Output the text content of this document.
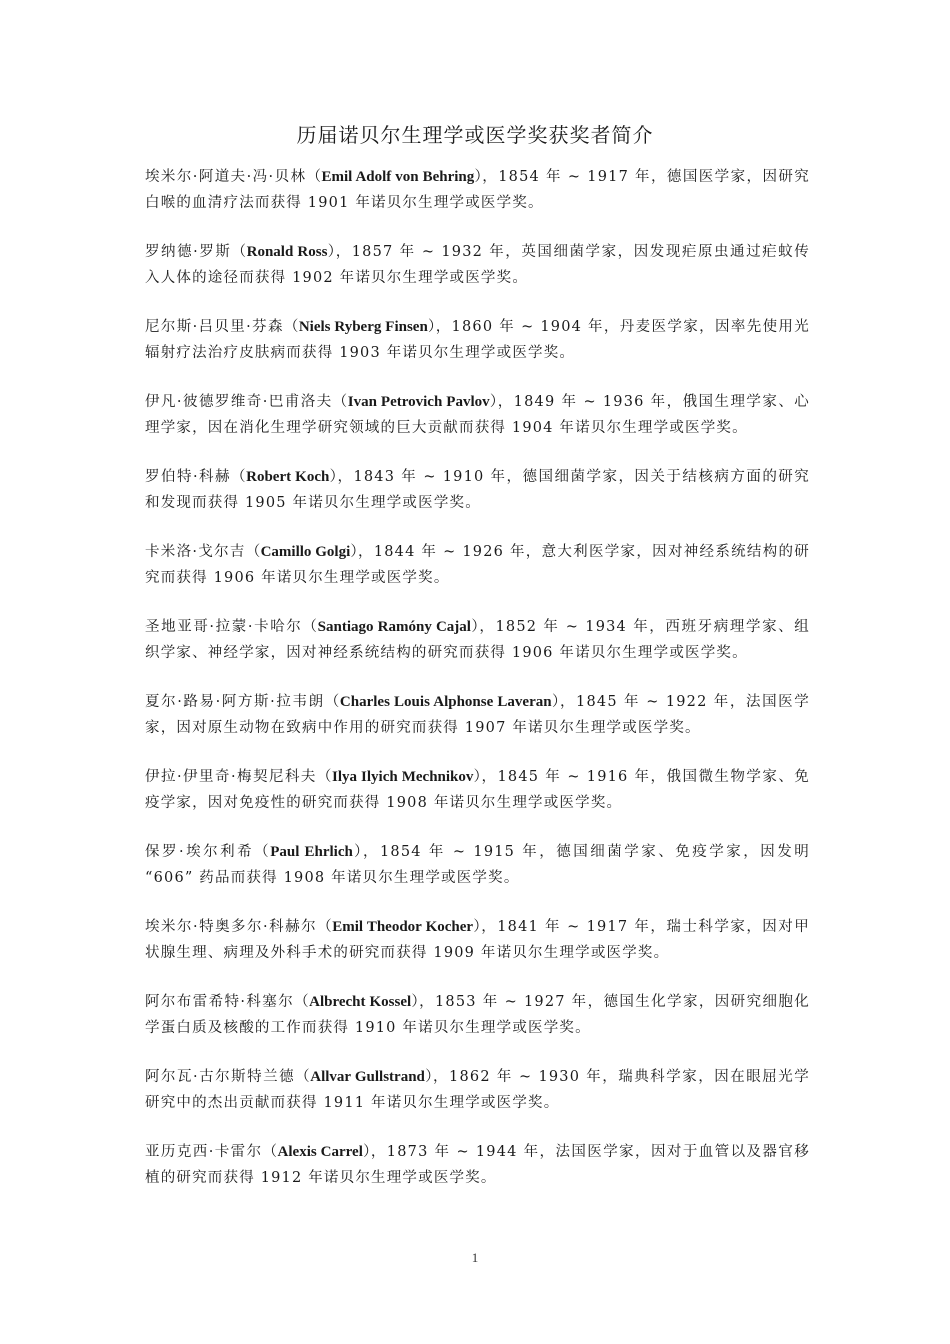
历届诺贝尔生理学或医学奖获奖者简介

埃米尔·阿道夫·冯·贝林（Emil Adolf von Behring），1854 年 ~ 1917 年，德国医学家，因研究白喉的血清疗法而获得 1901 年诺贝尔生理学或医学奖。

罗纳德·罗斯（Ronald Ross），1857 年 ~ 1932 年，英国细菌学家，因发现疟原虫通过疟蚊传入人体的途径而获得 1902 年诺贝尔生理学或医学奖。

尼尔斯·吕贝里·芬森（Niels Ryberg Finsen），1860 年 ~ 1904 年，丹麦医学家，因率先使用光辐射疗法治疗皮肤病而获得 1903 年诺贝尔生理学或医学奖。

伊凡·彼德罗维奇·巴甫洛夫（Ivan Petrovich Pavlov），1849 年 ~ 1936 年，俄国生理学家、心理学家，因在消化生理学研究领域的巨大贡献而获得 1904 年诺贝尔生理学或医学奖。

罗伯特·科赫（Robert Koch），1843 年 ~ 1910 年，德国细菌学家，因关于结核病方面的研究和发现而获得 1905 年诺贝尔生理学或医学奖。

卡米洛·戈尔吉（Camillo Golgi），1844 年 ~ 1926 年，意大利医学家，因对神经系统结构的研究而获得 1906 年诺贝尔生理学或医学奖。

圣地亚哥·拉蒙·卡哈尔（Santiago Ramóny Cajal），1852 年 ~ 1934 年，西班牙病理学家、组织学家、神经学家，因对神经系统结构的研究而获得 1906 年诺贝尔生理学或医学奖。

夏尔·路易·阿方斯·拉韦朗（Charles Louis Alphonse Laveran），1845 年 ~ 1922 年，法国医学家，因对原生动物在致病中作用的研究而获得 1907 年诺贝尔生理学或医学奖。

伊拉·伊里奇·梅契尼科夫（Ilya Ilyich Mechnikov），1845 年 ~ 1916 年，俄国微生物学家、免疫学家，因对免疫性的研究而获得 1908 年诺贝尔生理学或医学奖。

保罗·埃尔利希（Paul Ehrlich），1854 年 ~ 1915 年，德国细菌学家、免疫学家，因发明 “606” 药品而获得 1908 年诺贝尔生理学或医学奖。

埃米尔·特奥多尔·科赫尔（Emil Theodor Kocher），1841 年 ~ 1917 年，瑞士科学家，因对甲状腺生理、病理及外科手术的研究而获得 1909 年诺贝尔生理学或医学奖。

阿尔布雷希特·科塞尔（Albrecht Kossel），1853 年 ~ 1927 年，德国生化学家，因研究细胞化学蛋白质及核酸的工作而获得 1910 年诺贝尔生理学或医学奖。

阿尔瓦·古尔斯特兰德（Allvar Gullstrand），1862 年 ~ 1930 年，瑞典科学家，因在眼屈光学研究中的杰出贡献而获得 1911 年诺贝尔生理学或医学奖。

亚历克西·卡雷尔（Alexis Carrel），1873 年 ~ 1944 年，法国医学家，因对于血管以及器官移植的研究而获得 1912 年诺贝尔生理学或医学奖。

1
